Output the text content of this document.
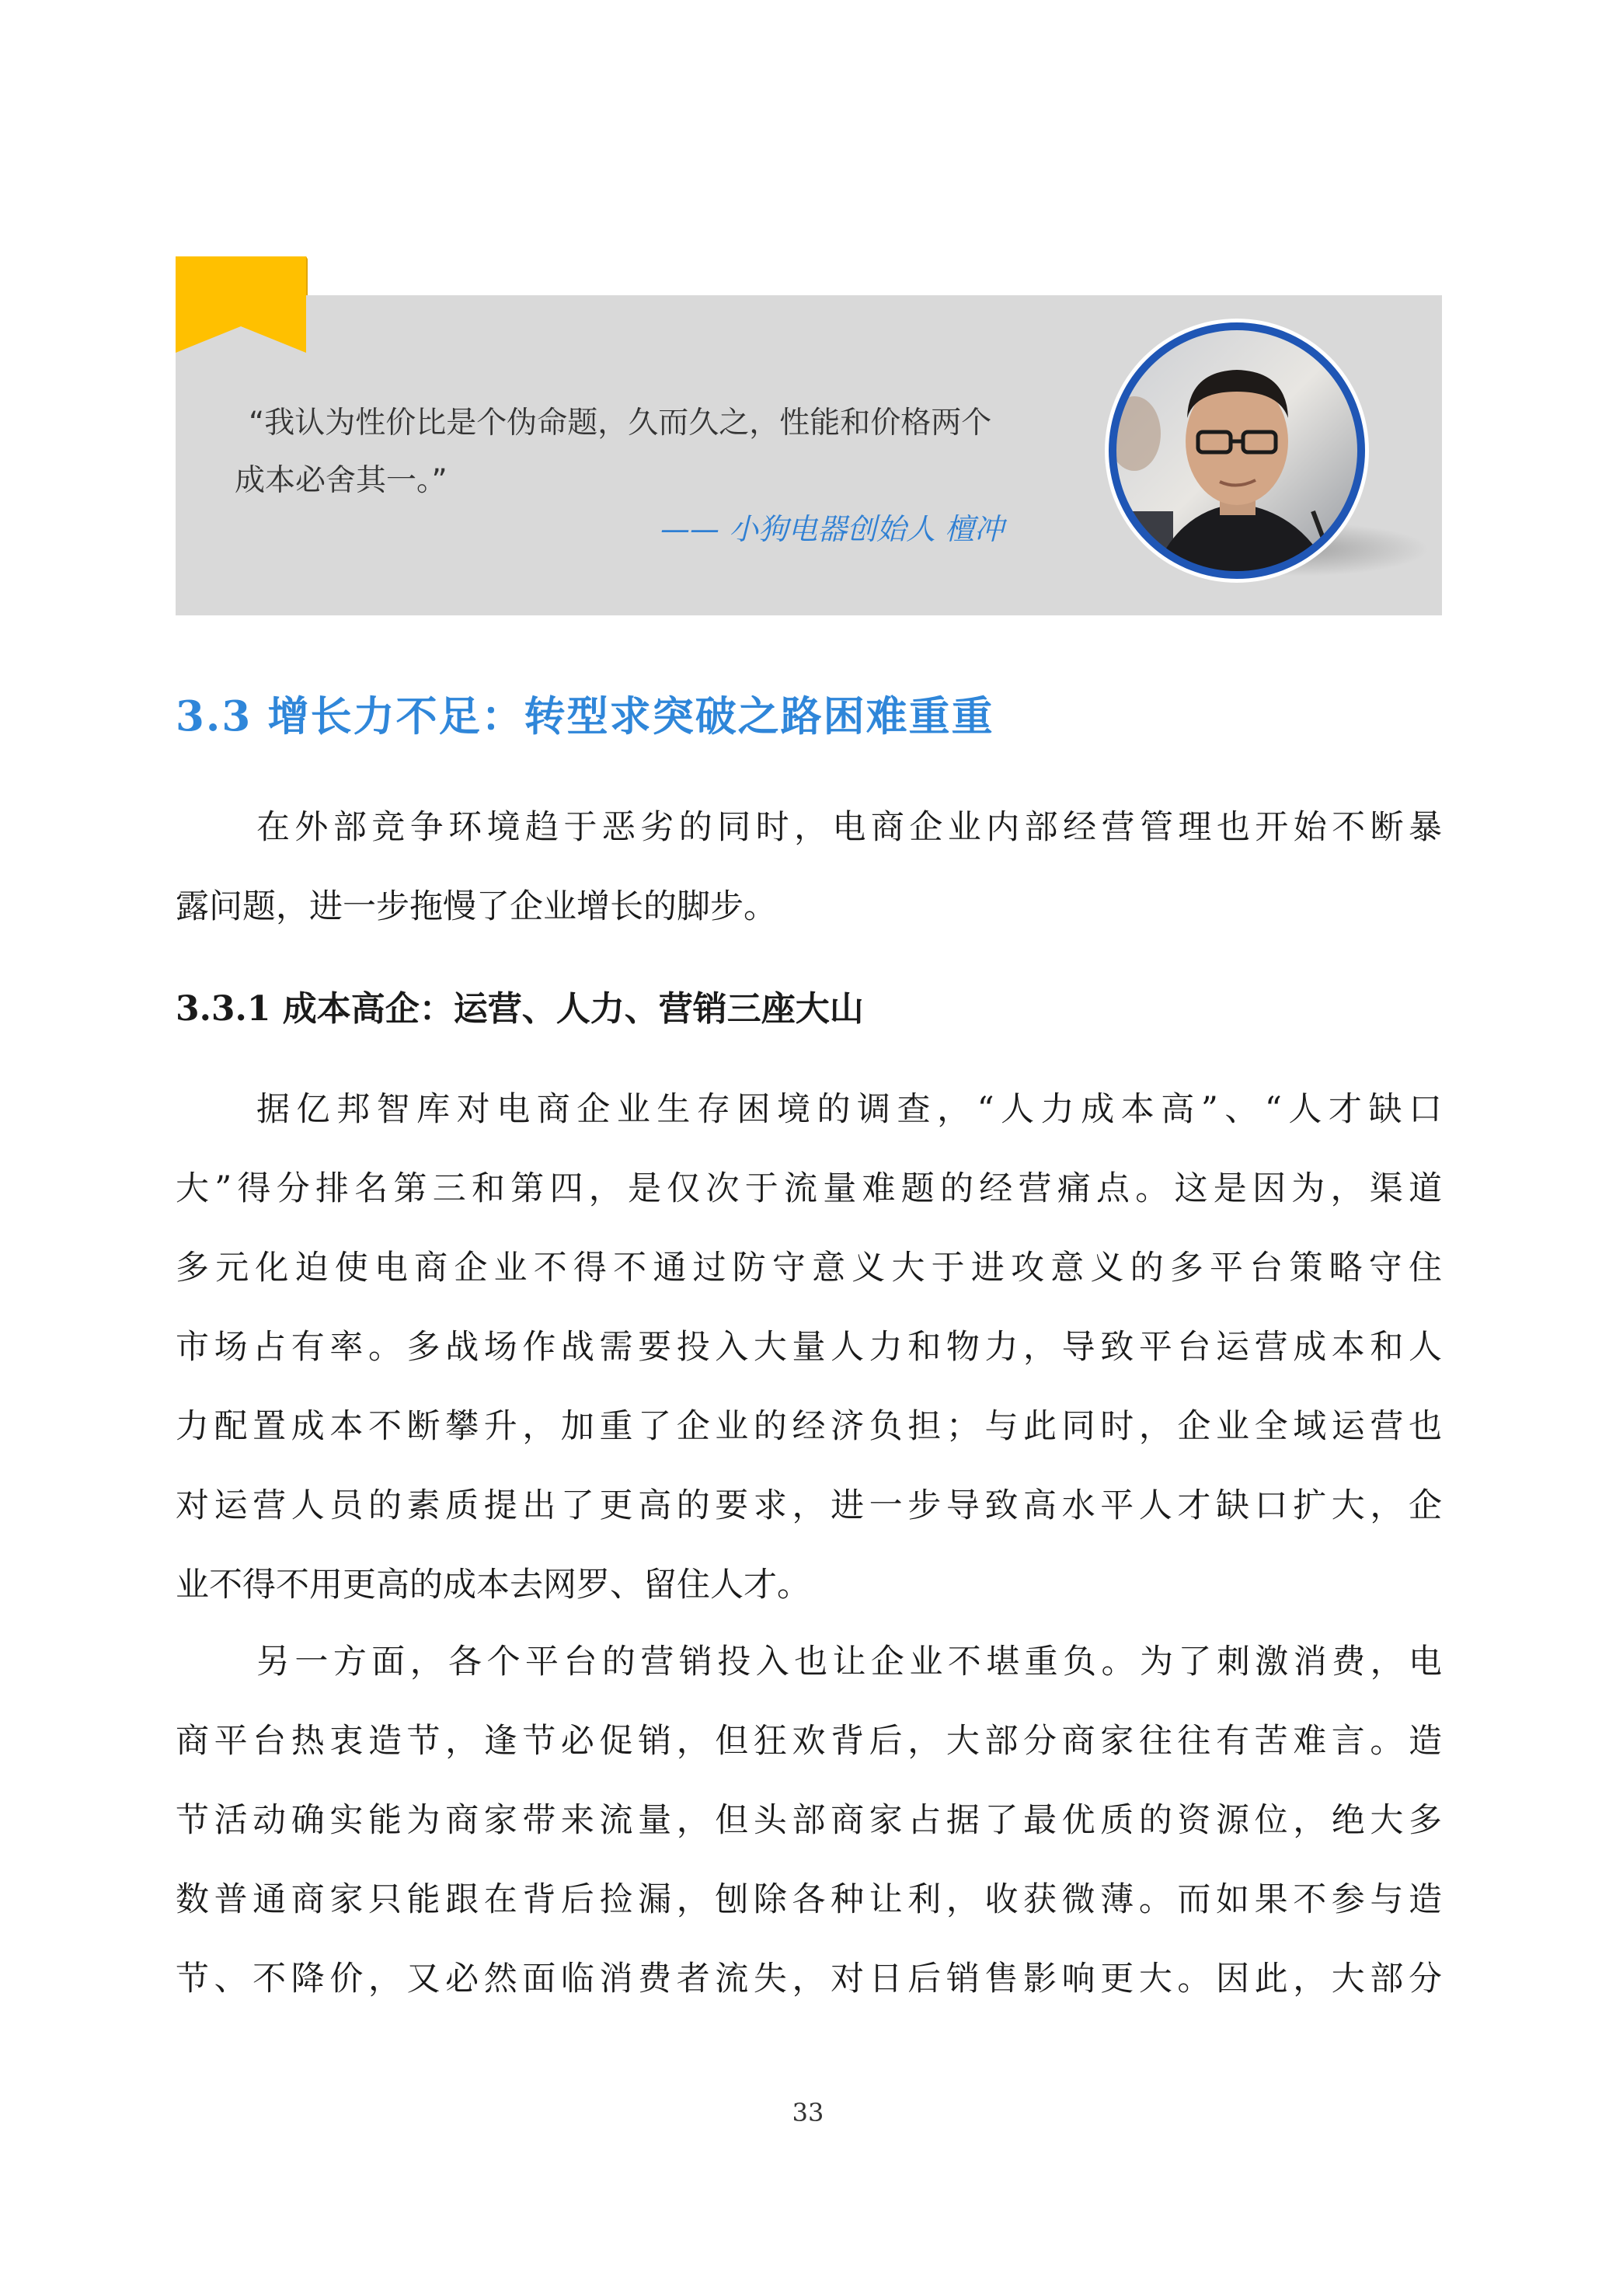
“我认为性价比是个伪命题，久而久之，性能和价格两个
成本必舍其一。”
—— 小狗电器创始人 檀冲
3.3 增长力不足：转型求突破之路困难重重
在外部竞争环境趋于恶劣的同时，电商企业内部经营管理也开始不断暴
露问题，进一步拖慢了企业增长的脚步。
3.3.1 成本高企：运营、人力、营销三座大山
据亿邦智库对电商企业生存困境的调查，“人力成本高”、“人才缺口
大”得分排名第三和第四，是仅次于流量难题的经营痛点。这是因为，渠道
多元化迫使电商企业不得不通过防守意义大于进攻意义的多平台策略守住
市场占有率。多战场作战需要投入大量人力和物力，导致平台运营成本和人
力配置成本不断攀升，加重了企业的经济负担；与此同时，企业全域运营也
对运营人员的素质提出了更高的要求，进一步导致高水平人才缺口扩大，企
业不得不用更高的成本去网罗、留住人才。
另一方面，各个平台的营销投入也让企业不堪重负。为了刺激消费，电
商平台热衷造节，逢节必促销，但狂欢背后，大部分商家往往有苦难言。造
节活动确实能为商家带来流量，但头部商家占据了最优质的资源位，绝大多
数普通商家只能跟在背后捡漏，刨除各种让利，收获微薄。而如果不参与造
节、不降价，又必然面临消费者流失，对日后销售影响更大。因此，大部分
33
